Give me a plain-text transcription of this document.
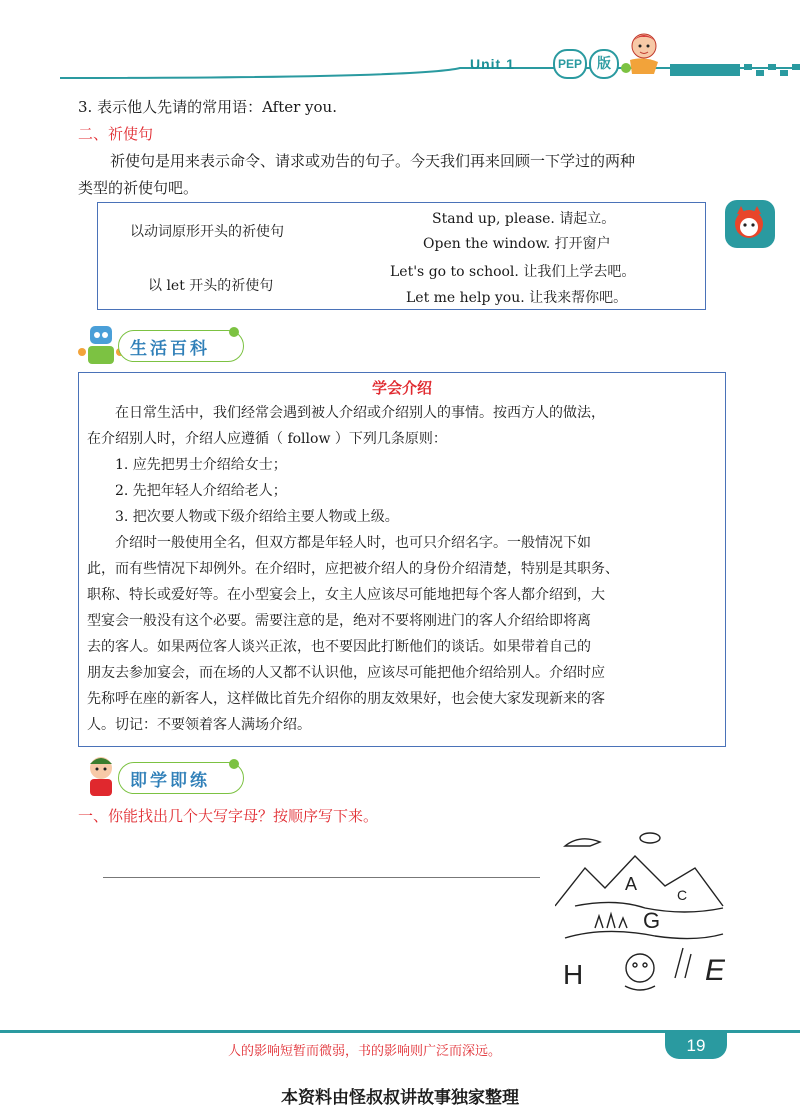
Unit 1	PEP	版
3. 表示他人先请的常用语：After you.
二、祈使句
祈使句是用来表示命令、请求或劝告的句子。今天我们再来回顾一下学过的两种
类型的祈使句吧。
以动词原形开头的祈使句
Stand up, please. 请起立。
Open the window. 打开窗户
以 let 开头的祈使句
Let's go to school. 让我们上学去吧。
Let me help you. 让我来帮你吧。
生活百科
学会介绍
在日常生活中，我们经常会遇到被人介绍或介绍别人的事情。按西方人的做法，
在介绍别人时，介绍人应遵循（ follow ）下列几条原则：
1. 应先把男士介绍给女士；
2. 先把年轻人介绍给老人；
3. 把次要人物或下级介绍给主要人物或上级。
介绍时一般使用全名，但双方都是年轻人时，也可只介绍名字。一般情况下如
此，而有些情况下却例外。在介绍时，应把被介绍人的身份介绍清楚，特别是其职务、
职称、特长或爱好等。在小型宴会上，女主人应该尽可能地把每个客人都介绍到，大
型宴会一般没有这个必要。需要注意的是，绝对不要将刚进门的客人介绍给即将离
去的客人。如果两位客人谈兴正浓，也不要因此打断他们的谈话。如果带着自己的
朋友去参加宴会，而在场的人又都不认识他，应该尽可能把他介绍给别人。介绍时应
先称呼在座的新客人，这样做比首先介绍你的朋友效果好，也会使大家发现新来的客
人。切记：不要领着客人满场介绍。
即学即练
一、你能找出几个大写字母？按顺序写下来。
A
C
G
H	E
人的影响短暂而微弱，书的影响则广泛而深远。	19
本资料由怪叔叔讲故事独家整理
